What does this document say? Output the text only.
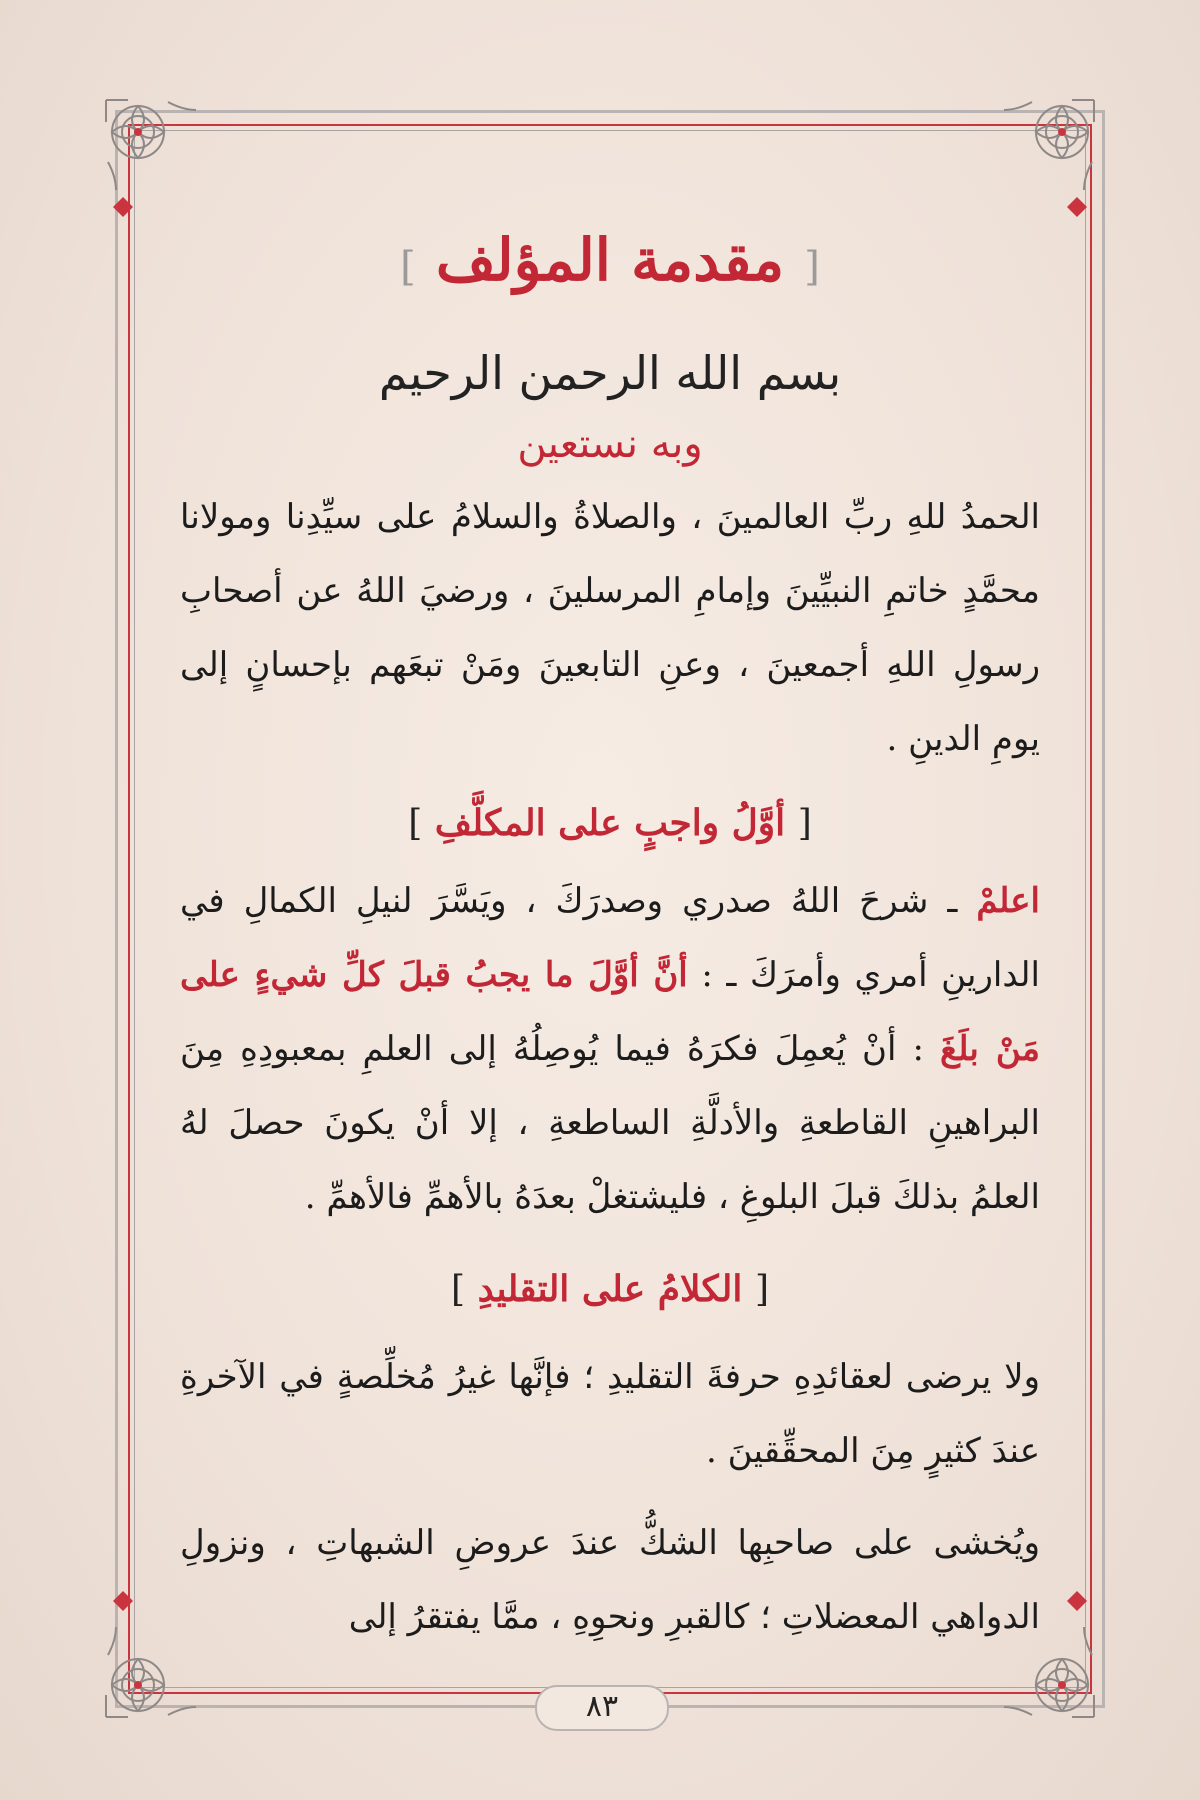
[ مقدمة المؤلف ]
بسم الله الرحمن الرحيم
وبه نستعين

الحمدُ للهِ ربِّ العالمينَ ، والصلاةُ والسلامُ على سيِّدِنا ومولانا محمَّدٍ خاتمِ النبيِّينَ وإمامِ المرسلينَ ، ورضيَ اللهُ عن أصحابِ رسولِ اللهِ أجمعينَ ، وعنِ التابعينَ ومَنْ تبعَهم بإحسانٍ إلى يومِ الدينِ .

[ أوَّلُ واجبٍ على المكلَّفِ ]

اعلمْ ـ شرحَ اللهُ صدري وصدرَكَ ، ويَسَّرَ لنيلِ الكمالِ في الدارينِ أمري وأمرَكَ ـ : أنَّ أوَّلَ ما يجبُ قبلَ كلِّ شيءٍ على مَنْ بلَغَ : أنْ يُعمِلَ فكرَهُ فيما يُوصِلُهُ إلى العلمِ بمعبودِهِ مِنَ البراهينِ القاطعةِ والأدلَّةِ الساطعةِ ، إلا أنْ يكونَ حصلَ لهُ العلمُ بذلكَ قبلَ البلوغِ ، فليشتغلْ بعدَهُ بالأهمِّ فالأهمِّ .

[ الكلامُ على التقليدِ ]

ولا يرضى لعقائدِهِ حرفةَ التقليدِ ؛ فإنَّها غيرُ مُخلِّصةٍ في الآخرةِ عندَ كثيرٍ مِنَ المحقِّقينَ .

ويُخشى على صاحبِها الشكُّ عندَ عروضِ الشبهاتِ ، ونزولِ الدواهي المعضلاتِ ؛ كالقبرِ ونحوِهِ ، ممَّا يفتقرُ إلى

٨٣
